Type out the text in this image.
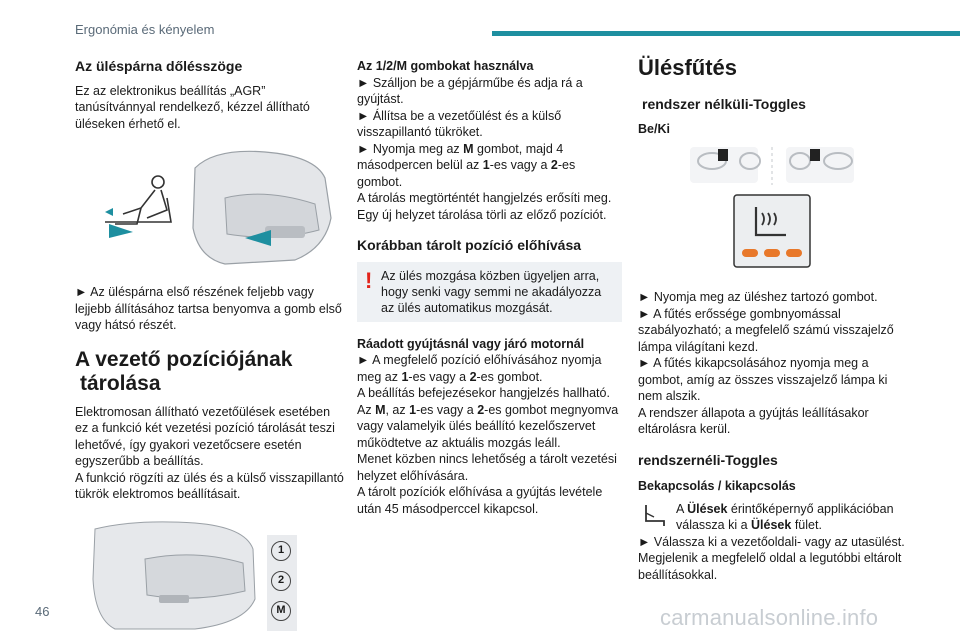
Ergonómia és kényelem
Az üléspárna dőlésszöge

Ez az elektronikus beállítás „AGR” tanúsítvánnyal rendelkező, kézzel állítható üléseken érhető el.

► Az üléspárna első részének feljebb vagy lejjebb állításához tartsa benyomva a gomb első vagy hátsó részét.

A vezető pozíciójának
tárolása

Elektromosan állítható vezetőülések esetében ez a funkció két vezetési pozíció tárolását teszi lehetővé, így gyakori vezetőcsere esetén egyszerűbb a beállítás.

A funkció rögzíti az ülés és a külső visszapillantó tükrök elektromos beállításait.

1
2
M

Az 1/2/M gombokat használva

► Szálljon be a gépjárműbe és adja rá a gyújtást.

► Állítsa be a vezetőülést és a külső visszapillantó tükröket.

► Nyomja meg az M gombot, majd 4 másodpercen belül az 1-es vagy a 2-es gombot.

A tárolás megtörténtét hangjelzés erősíti meg.

Egy új helyzet tárolása törli az előző pozíciót.

Korábban tárolt pozíció előhívása
! Az ülés mozgása közben ügyeljen arra, hogy senki vagy semmi ne akadályozza az ülés automatikus mozgását.

Ráadott gyújtásnál vagy járó motornál

► A megfelelő pozíció előhívásához nyomja meg az 1-es vagy a 2-es gombot.

A beállítás befejezésekor hangjelzés hallható.

Az M, az 1-es vagy a 2-es gombot megnyomva vagy valamelyik ülés beállító kezelőszervet működtetve az aktuális mozgás leáll.

Menet közben nincs lehetőség a tárolt vezetési helyzet előhívására.

A tárolt pozíciók előhívása a gyújtás levétele után 45 másodperccel kikapcsol.

Ülésfűtés
rendszer nélküli-Toggles

Be/Ki

► Nyomja meg az üléshez tartozó gombot.

► A fűtés erőssége gombnyomással szabályozható; a megfelelő számú visszajelző lámpa világítani kezd.

► A fűtés kikapcsolásához nyomja meg a gombot, amíg az összes visszajelző lámpa ki nem alszik.

A rendszer állapota a gyújtás leállításakor eltárolásra kerül.

rendszernéli-Toggles

Bekapcsolás / kikapcsolás

A Ülések érintőképernyő applikációban válassza ki a Ülések fület.

► Válassza ki a vezetőoldali- vagy az utasülést.

Megjelenik a megfelelő oldal a legutóbbi eltárolt beállításokkal.

46	carmanualsonline.info
